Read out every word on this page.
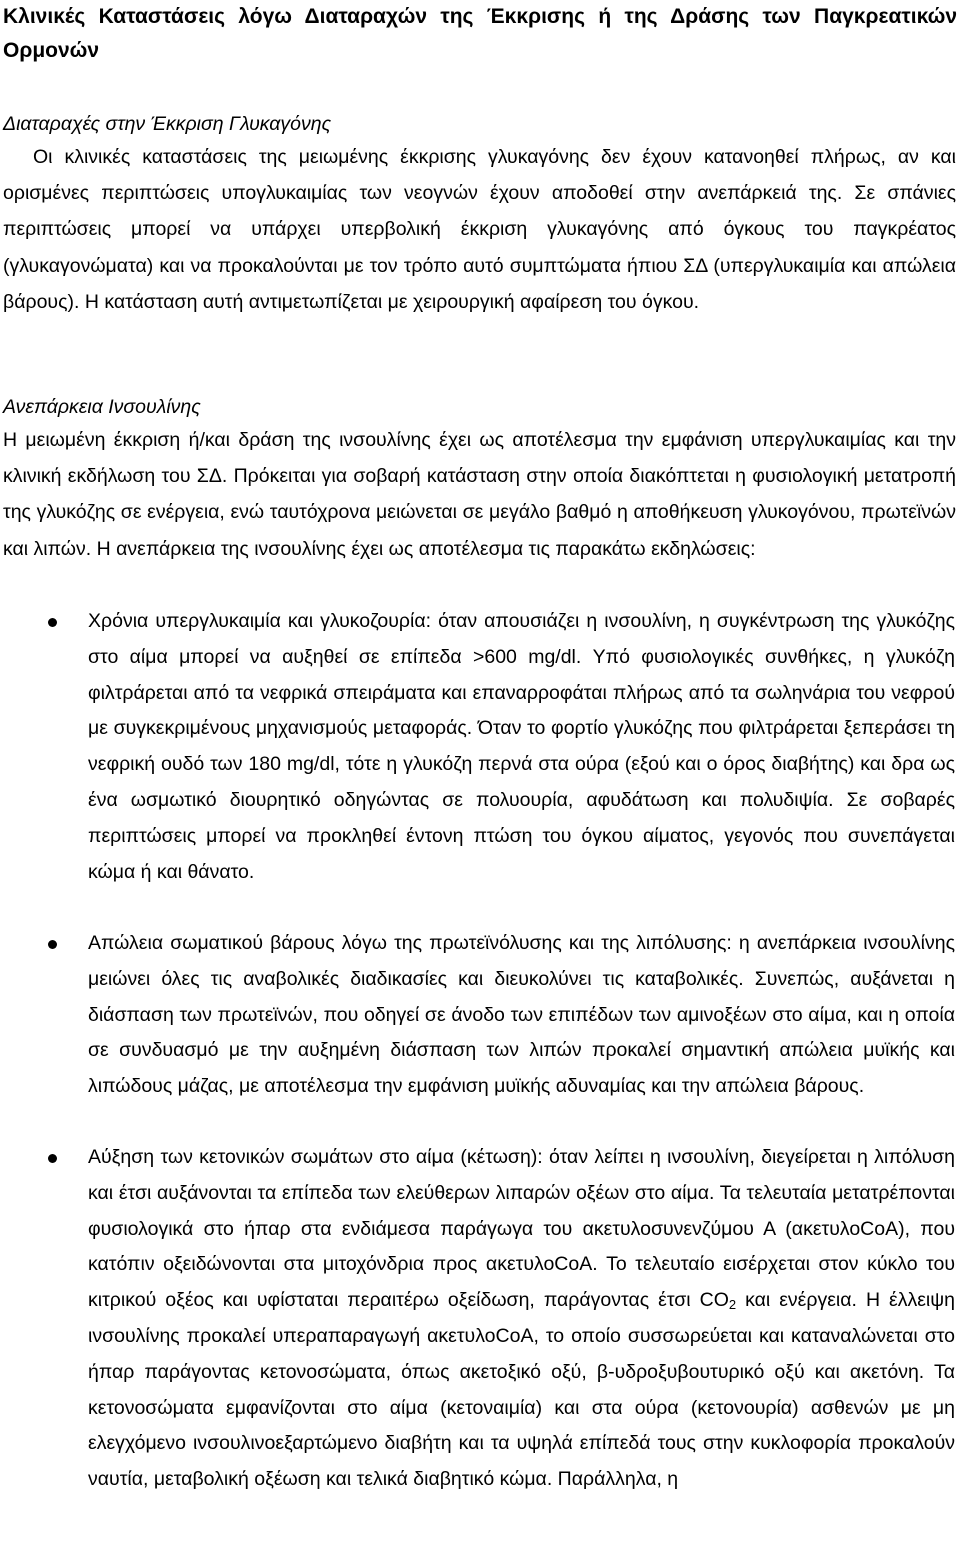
Κλινικές Καταστάσεις λόγω Διαταραχών της Έκκρισης ή της Δράσης των Παγκρεατικών Ορμονών
Διαταραχές στην Έκκριση Γλυκαγόνης

Οι κλινικές καταστάσεις της μειωμένης έκκρισης γλυκαγόνης δεν έχουν κατανοηθεί πλήρως, αν και ορισμένες περιπτώσεις υπογλυκαιμίας των νεογνών έχουν αποδοθεί στην ανεπάρκειά της. Σε σπάνιες περιπτώσεις μπορεί να υπάρχει υπερβολική έκκριση γλυκαγόνης από όγκους του παγκρέατος (γλυκαγονώματα) και να προκαλούνται με τον τρόπο αυτό συμπτώματα ήπιου ΣΔ (υπεργλυκαιμία και απώλεια βάρους). Η κατάσταση αυτή αντιμετωπίζεται με χειρουργική αφαίρεση του όγκου.

Ανεπάρκεια Ινσουλίνης

Η μειωμένη έκκριση ή/και δράση της ινσουλίνης έχει ως αποτέλεσμα την εμφάνιση υπεργλυκαιμίας και την κλινική εκδήλωση του ΣΔ. Πρόκειται για σοβαρή κατάσταση στην οποία διακόπτεται η φυσιολογική μετατροπή της γλυκόζης σε ενέργεια, ενώ ταυτόχρονα μειώνεται σε μεγάλο βαθμό η αποθήκευση γλυκογόνου, πρωτεϊνών και λιπών. Η ανεπάρκεια της ινσουλίνης έχει ως αποτέλεσμα τις παρακάτω εκδηλώσεις:

Χρόνια υπεργλυκαιμία και γλυκοζουρία: όταν απουσιάζει η ινσουλίνη, η συγκέντρωση της γλυκόζης στο αίμα μπορεί να αυξηθεί σε επίπεδα >600 mg/dl. Υπό φυσιολογικές συνθήκες, η γλυκόζη φιλτράρεται από τα νεφρικά σπειράματα και επαναρροφάται πλήρως από τα σωληνάρια του νεφρού με συγκεκριμένους μηχανισμούς μεταφοράς. Όταν το φορτίο γλυκόζης που φιλτράρεται ξεπεράσει τη νεφρική ουδό των 180 mg/dl, τότε η γλυκόζη περνά στα ούρα (εξού και ο όρος διαβήτης) και δρα ως ένα ωσμωτικό διουρητικό οδηγώντας σε πολυουρία, αφυδάτωση και πολυδιψία. Σε σοβαρές περιπτώσεις μπορεί να προκληθεί έντονη πτώση του όγκου αίματος, γεγονός που συνεπάγεται κώμα ή και θάνατο.

Απώλεια σωματικού βάρους λόγω της πρωτεϊνόλυσης και της λιπόλυσης: η ανεπάρκεια ινσουλίνης μειώνει όλες τις αναβολικές διαδικασίες και διευκολύνει τις καταβολικές. Συνεπώς, αυξάνεται η διάσπαση των πρωτεϊνών, που οδηγεί σε άνοδο των επιπέδων των αμινοξέων στο αίμα, και η οποία σε συνδυασμό με την αυξημένη διάσπαση των λιπών προκαλεί σημαντική απώλεια μυϊκής και λιπώδους μάζας, με αποτέλεσμα την εμφάνιση μυϊκής αδυναμίας και την απώλεια βάρους.

Αύξηση των κετονικών σωμάτων στο αίμα (κέτωση): όταν λείπει η ινσουλίνη, διεγείρεται η λιπόλυση και έτσι αυξάνονται τα επίπεδα των ελεύθερων λιπαρών οξέων στο αίμα. Τα τελευταία μετατρέπονται φυσιολογικά στο ήπαρ στα ενδιάμεσα παράγωγα του ακετυλοσυνενζύμου Α (ακετυλοCoA), που κατόπιν οξειδώνονται στα μιτοχόνδρια προς ακετυλοCoA. Το τελευταίο εισέρχεται στον κύκλο του κιτρικού οξέος και υφίσταται περαιτέρω οξείδωση, παράγοντας έτσι $CO_2$ και ενέργεια. Η έλλειψη ινσουλίνης προκαλεί υπεραπαραγωγή ακετυλοCoA, το οποίο συσσωρεύεται και καταναλώνεται στο ήπαρ παράγοντας κετονοσώματα, όπως ακετοξικό οξύ, β-υδροξυβουτυρικό οξύ και ακετόνη. Τα κετονοσώματα εμφανίζονται στο αίμα (κετοναιμία) και στα ούρα (κετονουρία) ασθενών με μη ελεγχόμενο ινσουλινοεξαρτώμενο διαβήτη και τα υψηλά επίπεδά τους στην κυκλοφορία προκαλούν ναυτία, μεταβολική οξέωση και τελικά διαβητικό κώμα. Παράλληλα, η
